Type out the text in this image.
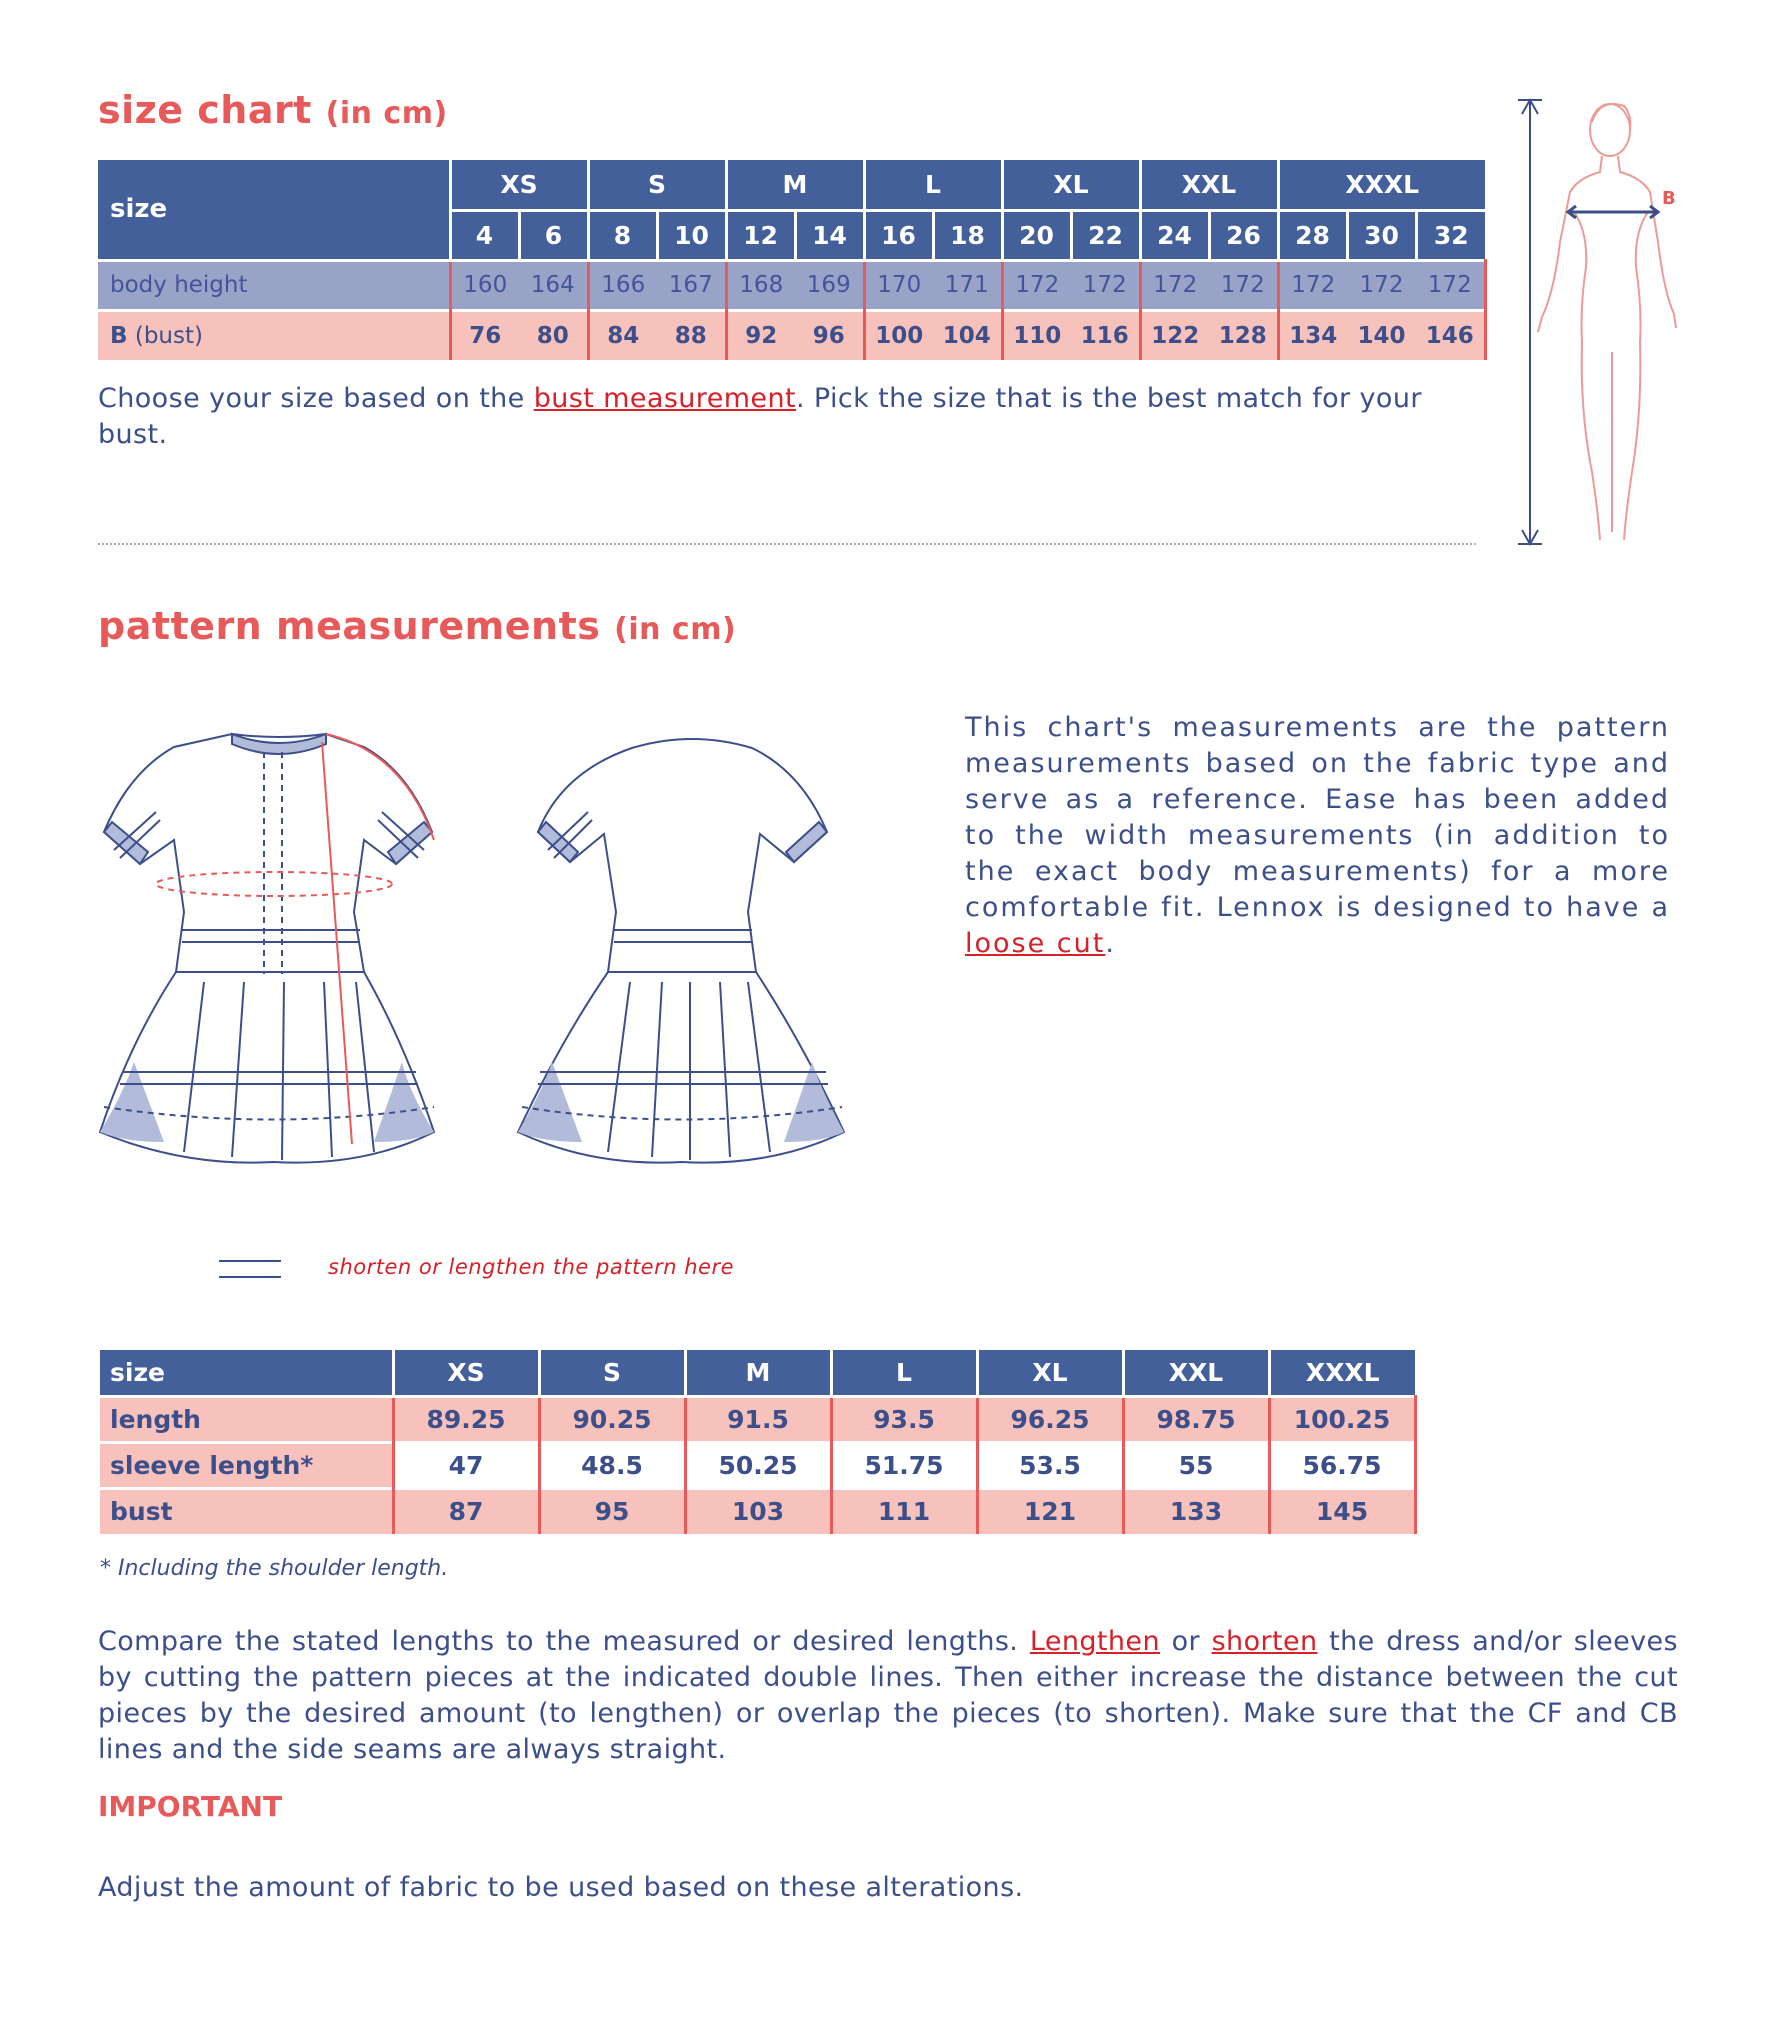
size chart (in cm)
size	XS		S		M		L		XL		XXL		XXXL		
	4	6	8	10	12	14	16	18	20	22	24	26	28	30	32
body height	160	164	166	167	168	169	170	171	172	172	172	172	172	172	172
B (bust)	76	80	84	88	92	96	100	104	110	116	122	128	134	140	146
Choose your size based on the bust measurement. Pick the size that is the best match for your bust.
B
pattern measurements (in cm)
This chart's measurements are the pattern measurements based on the fabric type and serve as a reference. Ease has been added to the width measurements (in addition to the exact body measurements) for a more comfortable fit. Lennox is designed to have a loose cut.
shorten or lengthen the pattern here
size	XS	S	M	L	XL	XXL	XXXL
length	89.25	90.25	91.5	93.5	96.25	98.75	100.25
sleeve length*	47	48.5	50.25	51.75	53.5	55	56.75
bust	87	95	103	111	121	133	145
* Including the shoulder length.
Compare the stated lengths to the measured or desired lengths. Lengthen or shorten the dress and/or sleeves by cutting the pattern pieces at the indicated double lines. Then either increase the distance between the cut pieces by the desired amount (to lengthen) or overlap the pieces (to shorten). Make sure that the CF and CB lines and the side seams are always straight.
IMPORTANT
Adjust the amount of fabric to be used based on these alterations.
